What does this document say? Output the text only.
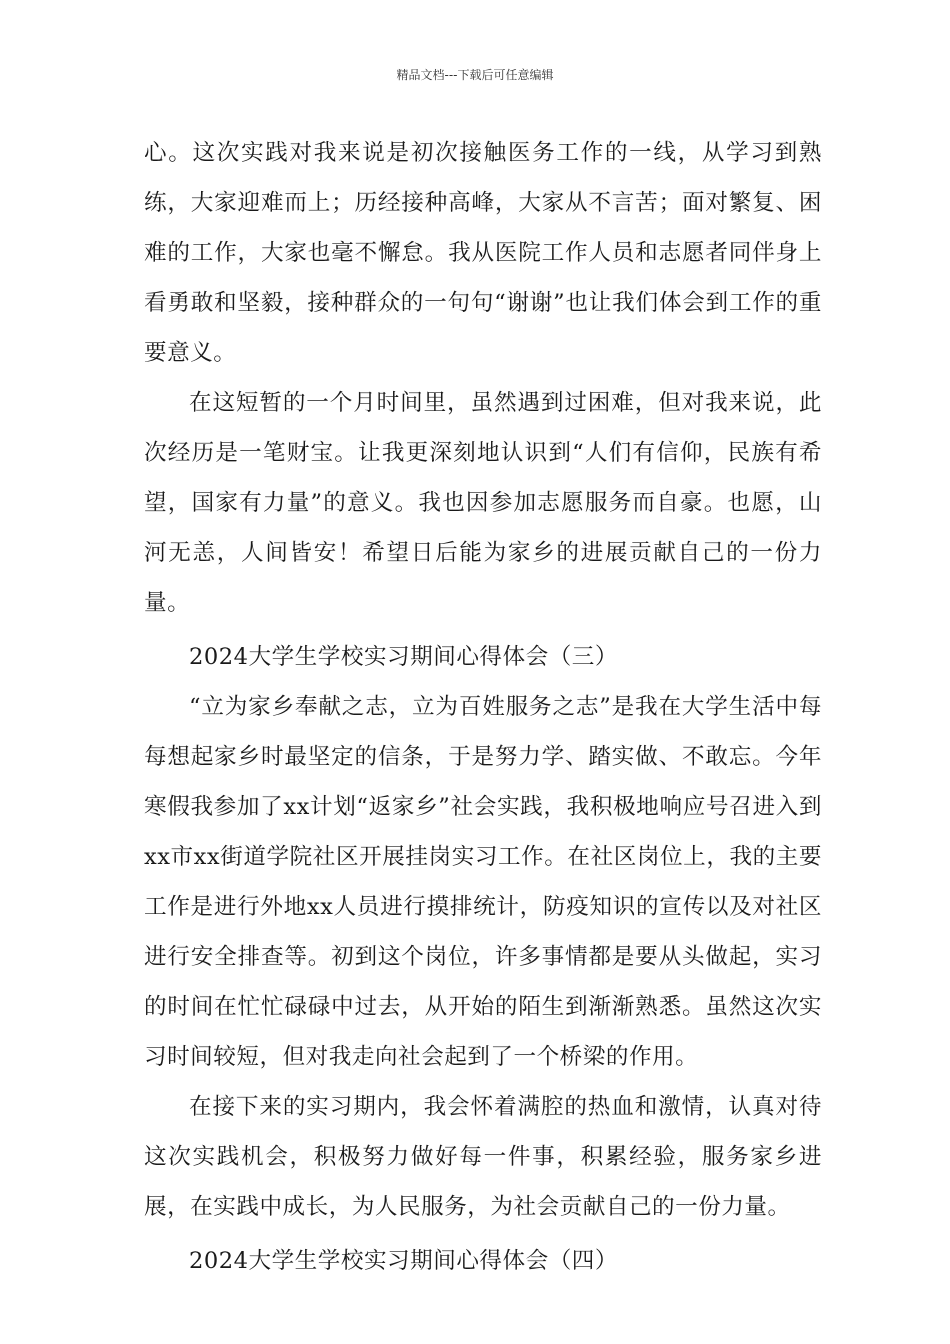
精品文档---下载后可任意编辑

心。这次实践对我来说是初次接触医务工作的一线，从学习到熟练，大家迎难而上；历经接种高峰，大家从不言苦；面对繁复、困难的工作，大家也毫不懈怠。我从医院工作人员和志愿者同伴身上看勇敢和坚毅，接种群众的一句句“谢谢”也让我们体会到工作的重要意义。

在这短暂的一个月时间里，虽然遇到过困难，但对我来说，此次经历是一笔财宝。让我更深刻地认识到“人们有信仰，民族有希望，国家有力量”的意义。我也因参加志愿服务而自豪。也愿，山河无恙，人间皆安！希望日后能为家乡的进展贡献自己的一份力量。

2024大学生学校实习期间心得体会（三）

“立为家乡奉献之志，立为百姓服务之志”是我在大学生活中每每想起家乡时最坚定的信条，于是努力学、踏实做、不敢忘。今年寒假我参加了xx计划“返家乡”社会实践，我积极地响应号召进入到xx市xx街道学院社区开展挂岗实习工作。在社区岗位上，我的主要工作是进行外地xx人员进行摸排统计，防疫知识的宣传以及对社区进行安全排查等。初到这个岗位，许多事情都是要从头做起，实习的时间在忙忙碌碌中过去，从开始的陌生到渐渐熟悉。虽然这次实习时间较短，但对我走向社会起到了一个桥梁的作用。

在接下来的实习期内，我会怀着满腔的热血和激情，认真对待这次实践机会，积极努力做好每一件事，积累经验，服务家乡进展，在实践中成长，为人民服务，为社会贡献自己的一份力量。

2024大学生学校实习期间心得体会（四）
